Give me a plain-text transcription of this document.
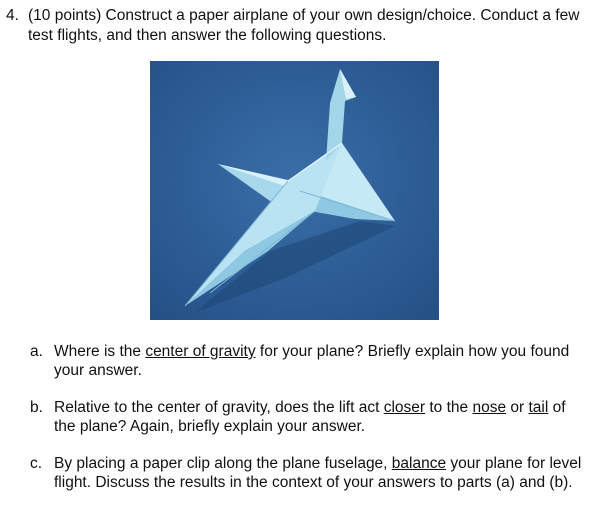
4. (10 points) Construct a paper airplane of your own design/choice. Conduct a few test flights, and then answer the following questions.
a. Where is the center of gravity for your plane? Briefly explain how you found your answer.
b. Relative to the center of gravity, does the lift act closer to the nose or tail of the plane? Again, briefly explain your answer.
c. By placing a paper clip along the plane fuselage, balance your plane for level flight. Discuss the results in the context of your answers to parts (a) and (b).
